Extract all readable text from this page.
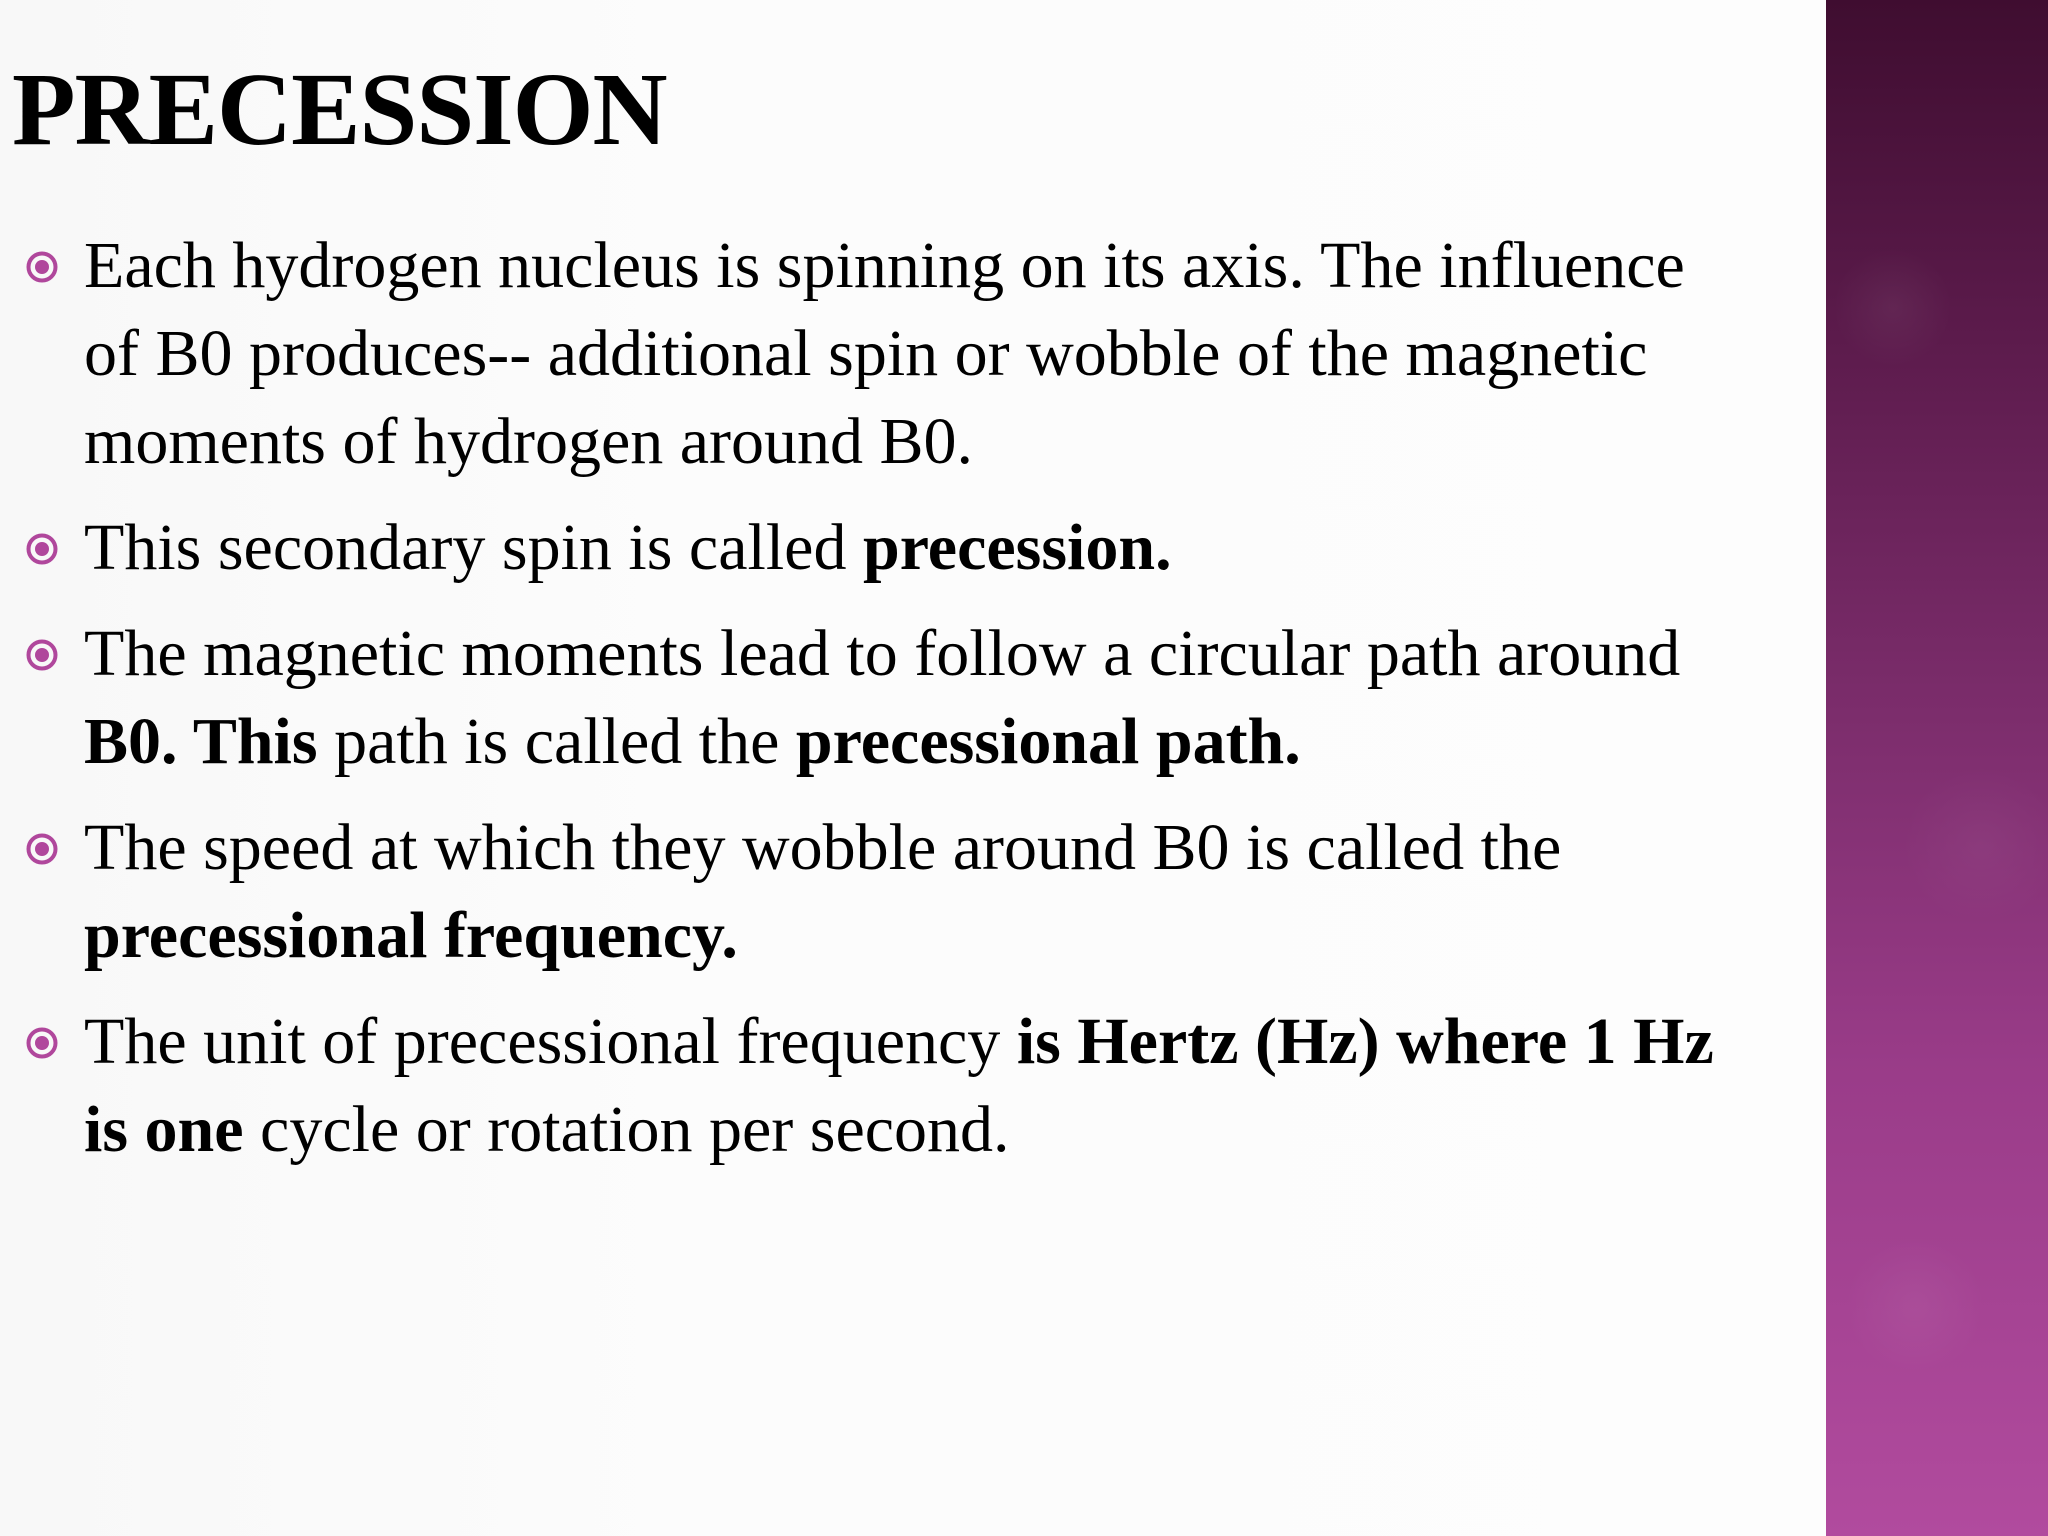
PRECESSION
Each hydrogen nucleus is spinning on its axis. The influence of B0 produces-- additional spin or wobble of the magnetic moments of hydrogen around B0.
This secondary spin is called precession.
The magnetic moments lead to follow a circular path around B0. This path is called the precessional path.
The speed at which they wobble around B0 is called the precessional frequency.
The unit of precessional frequency is Hertz (Hz) where 1 Hz is one cycle or rotation per second.
